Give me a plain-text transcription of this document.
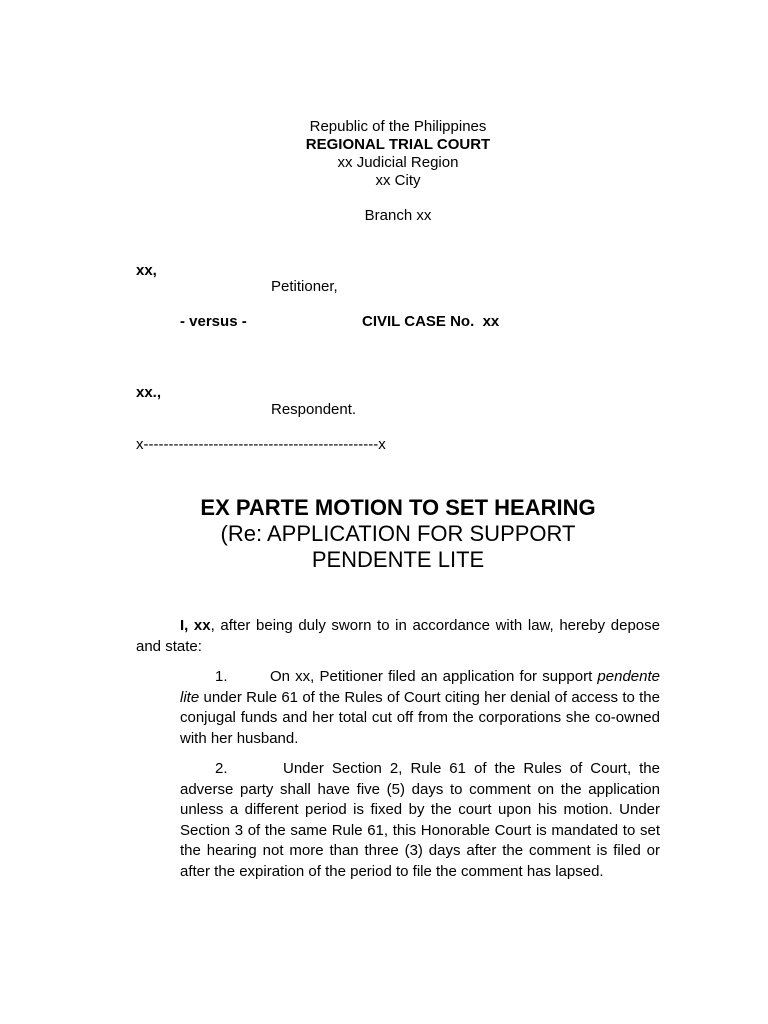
Republic of the Philippines
REGIONAL TRIAL COURT
xx Judicial Region
xx City
Branch xx
xx,
Petitioner,
- versus -	CIVIL CASE No.  xx
xx.,
Respondent.
x-----------------------------------------------x
EX PARTE MOTION TO SET HEARING
(Re: APPLICATION FOR SUPPORT
PENDENTE LITE
I, xx, after being duly sworn to in accordance with law, hereby depose and state:
1.	On xx, Petitioner filed an application for support pendente lite under Rule 61 of the Rules of Court citing her denial of access to the conjugal funds and her total cut off from the corporations she co-owned with her husband.
2.	Under Section 2, Rule 61 of the Rules of Court, the adverse party shall have five (5) days to comment on the application unless a different period is fixed by the court upon his motion. Under Section 3 of the same Rule 61, this Honorable Court is mandated to set the hearing not more than three (3) days after the comment is filed or after the expiration of the period to file the comment has lapsed.
